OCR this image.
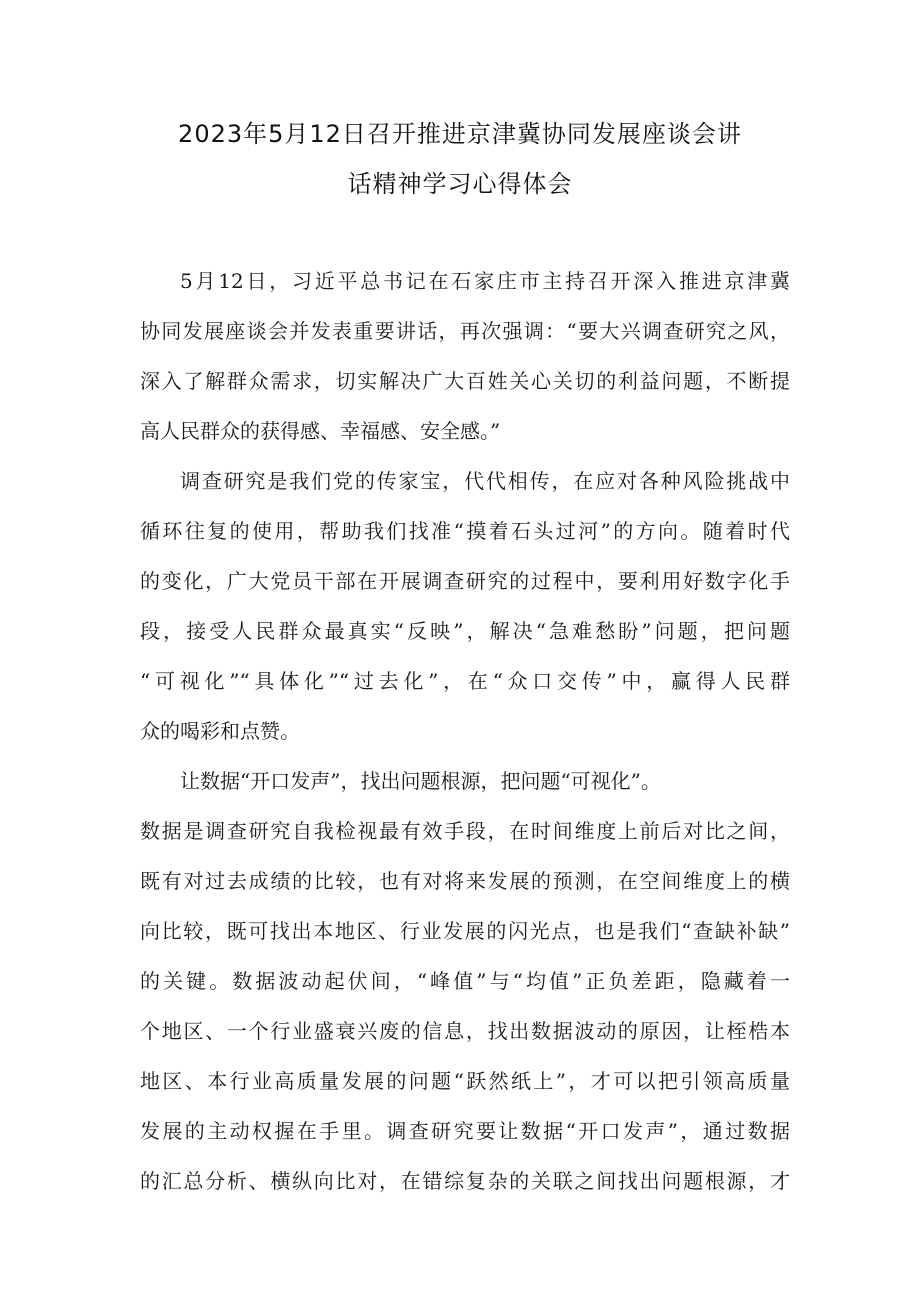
2023年5月12日召开推进京津冀协同发展座谈会讲
话精神学习心得体会

5月12日，习近平总书记在石家庄市主持召开深入推进京津冀

协同发展座谈会并发表重要讲话，再次强调：“要大兴调查研究之风，

深入了解群众需求，切实解决广大百姓关心关切的利益问题，不断提

高人民群众的获得感、幸福感、安全感。”

调查研究是我们党的传家宝，代代相传，在应对各种风险挑战中

循环往复的使用，帮助我们找准“摸着石头过河”的方向。随着时代

的变化，广大党员干部在开展调查研究的过程中，要利用好数字化手

段，接受人民群众最真实“反映”，解决“急难愁盼”问题，把问题

“可视化”“具体化”“过去化”，在“众口交传”中，赢得人民群

众的喝彩和点赞。

让数据“开口发声”，找出问题根源，把问题“可视化”。

数据是调查研究自我检视最有效手段，在时间维度上前后对比之间，

既有对过去成绩的比较，也有对将来发展的预测，在空间维度上的横

向比较，既可找出本地区、行业发展的闪光点，也是我们“查缺补缺”

的关键。数据波动起伏间，“峰值”与“均值”正负差距，隐藏着一

个地区、一个行业盛衰兴废的信息，找出数据波动的原因，让桎梏本

地区、本行业高质量发展的问题“跃然纸上”，才可以把引领高质量

发展的主动权握在手里。调查研究要让数据“开口发声”，通过数据

的汇总分析、横纵向比对，在错综复杂的关联之间找出问题根源，才
